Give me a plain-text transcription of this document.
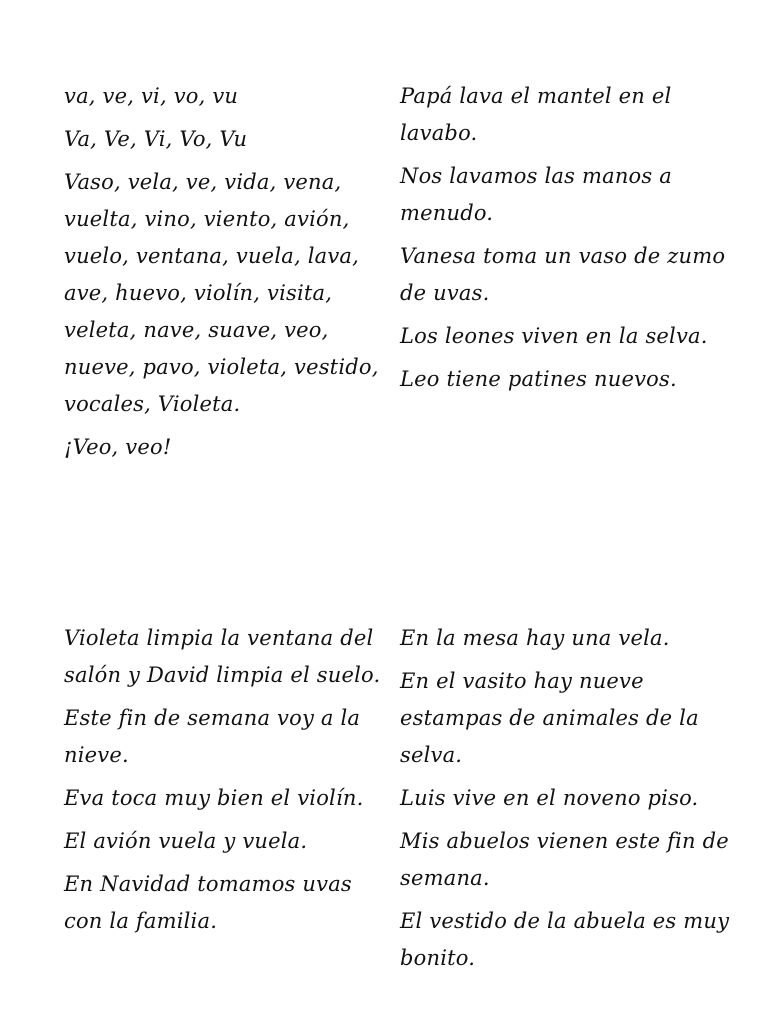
va, ve, vi, vo, vu

Va, Ve, Vi, Vo, Vu

Vaso, vela, ve, vida, vena, vuelta, vino, viento, avión, vuelo, ventana, vuela, lava, ave, huevo, violín, visita, veleta, nave, suave, veo, nueve, pavo, violeta, vestido, vocales, Violeta.

¡Veo, veo!

Papá lava el mantel en el lavabo.

Nos lavamos las manos a menudo.

Vanesa toma un vaso de zumo de uvas.

Los leones viven en la selva.

Leo tiene patines nuevos.

Violeta limpia la ventana del salón y David limpia el suelo.

Este fin de semana voy a la nieve.

Eva toca muy bien el violín.

El avión vuela y vuela.

En Navidad tomamos uvas con la familia.

En la mesa hay una vela.

En el vasito hay nueve estampas de animales de la selva.

Luis vive en el noveno piso.

Mis abuelos vienen este fin de semana.

El vestido de la abuela es muy bonito.
